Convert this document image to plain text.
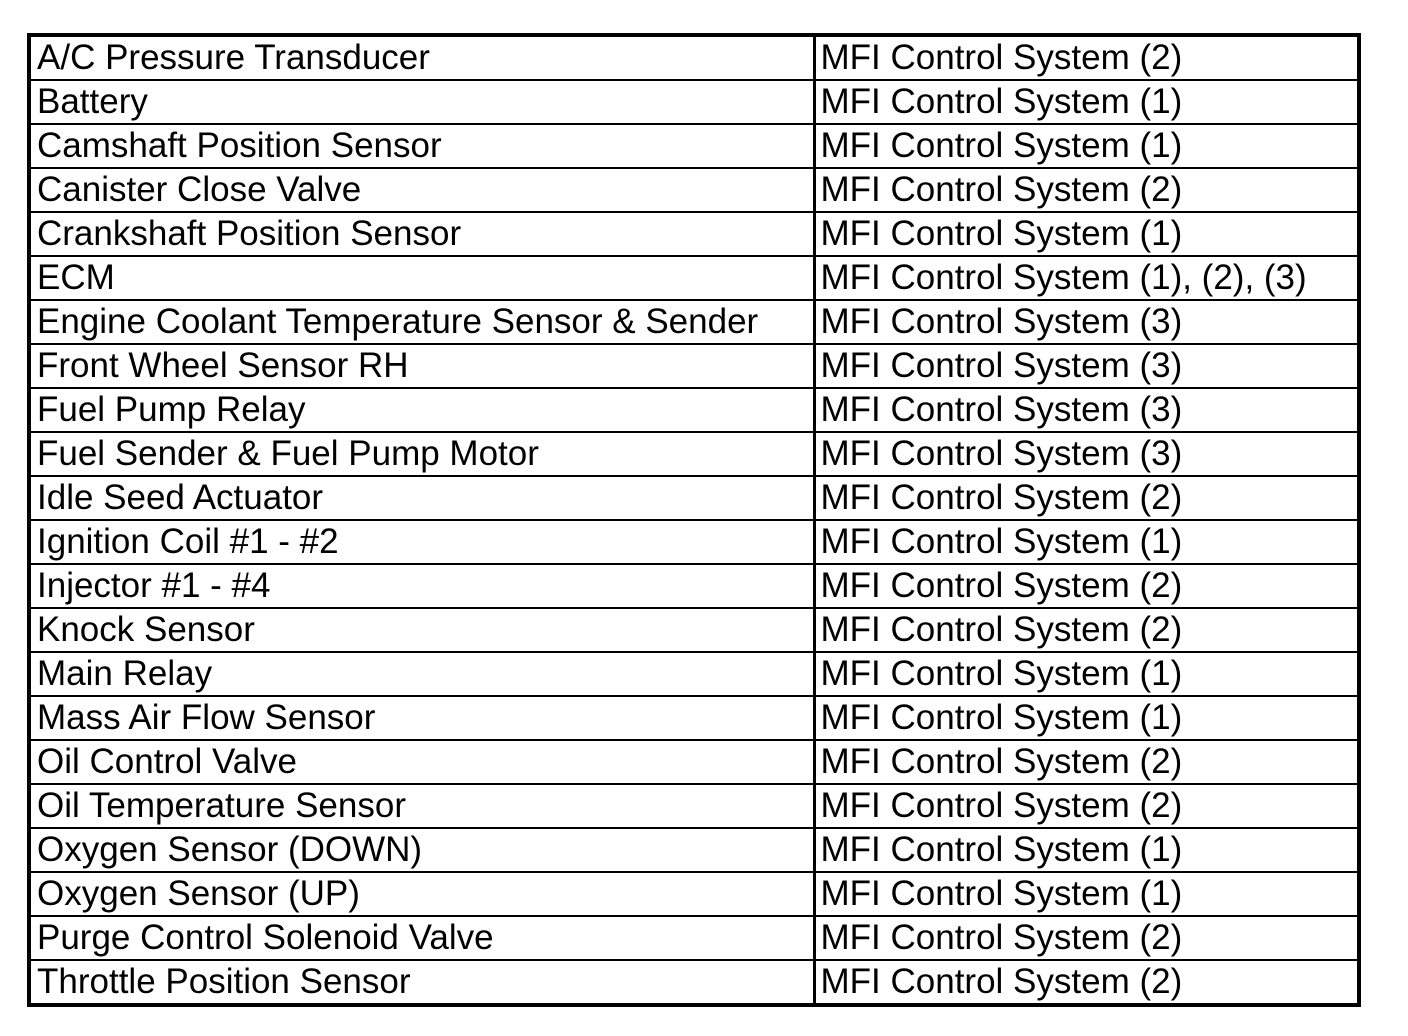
A/C Pressure Transducer	MFI Control System (2)
Battery	MFI Control System (1)
Camshaft Position Sensor	MFI Control System (1)
Canister Close Valve	MFI Control System (2)
Crankshaft Position Sensor	MFI Control System (1)
ECM	MFI Control System (1), (2), (3)
Engine Coolant Temperature Sensor & Sender	MFI Control System (3)
Front Wheel Sensor RH	MFI Control System (3)
Fuel Pump Relay	MFI Control System (3)
Fuel Sender & Fuel Pump Motor	MFI Control System (3)
Idle Seed Actuator	MFI Control System (2)
Ignition Coil #1 - #2	MFI Control System (1)
Injector #1 - #4	MFI Control System (2)
Knock Sensor	MFI Control System (2)
Main Relay	MFI Control System (1)
Mass Air Flow Sensor	MFI Control System (1)
Oil Control Valve	MFI Control System (2)
Oil Temperature Sensor	MFI Control System (2)
Oxygen Sensor (DOWN)	MFI Control System (1)
Oxygen Sensor (UP)	MFI Control System (1)
Purge Control Solenoid Valve	MFI Control System (2)
Throttle Position Sensor	MFI Control System (2)
